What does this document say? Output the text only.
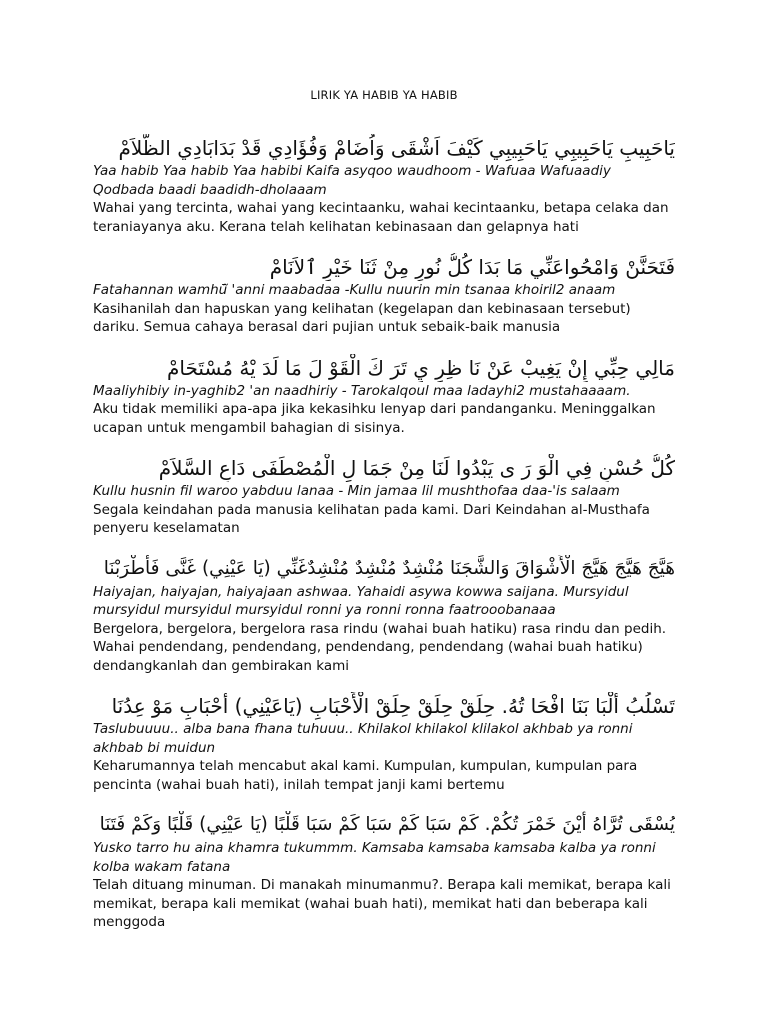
LIRIK YA HABIB YA HABIB

يَاحَبِيبِ يَاحَبِيبِي يَاحَبِيبِي كَيْفَ اَشْقَى وَاُضَامْ وَفُؤَادِي قَدْ بَدَابَادِي الظُّلاَمْ

Yaa habib Yaa habib Yaa habibi Kaifa asyqoo waudhoom - Wafuaa Wafuaadiy Qodbada baadi baadidh-dholaaam

Wahai yang tercinta, wahai yang kecintaanku, wahai kecintaanku, betapa celaka dan teraniayanya aku. Kerana telah kelihatan kebinasaan dan gelapnya hati

فَتَحَنَّنْ وَامْحُواعَنِّي مَا بَدَا كُلُّ نُورٍ مِنْ ثَنَا خَيْرِ ٱلاَنَامْ

Fatahannan wamhū̃ 'anni maabadaa -Kullu nuurin min tsanaa khoiril2 anaam

Kasihanilah dan hapuskan yang kelihatan (kegelapan dan kebinasaan tersebut) dariku. Semua cahaya berasal dari pujian untuk sebaik-baik manusia

مَالِي حِبِّي إِنْ يَغِيبْ عَنْ نَا ظِرِ يِ تَرَ كَ الْقَوْ لَ مَا لَدَ يْهُ مُسْتَحَامْ

Maaliyhibiy in-yaghib2 'an naadhiriy - Tarokalqoul maa ladayhi2 mustahaaaam.

Aku tidak memiliki apa-apa jika kekasihku lenyap dari pandanganku. Meninggalkan ucapan untuk mengambil bahagian di sisinya.

كُلُّ حُسْنٍ فِي الْوَ رَ ى يَبْدُوا لَنَا مِنْ جَمَا لِ الْمُصْطَفَى دَاعِ السَّلاَمْ

Kullu husnin fil waroo yabduu lanaa - Min jamaa lil mushthofaa daa-'is salaam

Segala keindahan pada manusia kelihatan pada kami. Dari Keindahan al-Musthafa penyeru keselamatan

هَيَّجَ هَيَّجَ هَيَّجَ الْأَشْوَاقَ وَالشَّجَنَا مُنْشِدٌ مُنْشِدٌ مُنْشِدٌغَنِّي (يَا عَيْنِي) غَنَّى فَأَطْرَبْنَا

Haiyajan, haiyajan, haiyajaan ashwaa. Yahaidi asywa kowwa saijana. Mursyidul mursyidul mursyidul mursyidul ronni ya ronni ronna faatrooobanaaa

Bergelora, bergelora, bergelora rasa rindu (wahai buah hatiku) rasa rindu dan pedih. Wahai pendendang, pendendang, pendendang, pendendang (wahai buah hatiku) dendangkanlah dan gembirakan kami

تَسْلُبُ أَلْبَا بَنَا افْحَا تُهُ. حِلَقْ حِلَقْ حِلَقْ الْأَحْبَابِ (يَاعَيْنِي) أَحْبَابِ مَوْ عِدُنَا

Taslubuuuu.. alba bana fhana tuhuuu.. Khilakol khilakol klilakol akhbab ya ronni akhbab bi muidun

Keharumannya telah mencabut akal kami. Kumpulan, kumpulan, kumpulan para pencinta (wahai buah hati), inilah tempat janji kami bertemu

يُسْقَى تُرَّاهُ أَيْنَ خَمْرَ تُكُمْ. كَمْ سَبَا كَمْ سَبَا كَمْ سَبَا قَلْبًا (يَا عَيْنِي) قَلْبًا وَكَمْ فَتَنَا

Yusko tarro hu aina khamra tukummm. Kamsaba kamsaba kamsaba kalba ya ronni kolba wakam fatana

Telah dituang minuman. Di manakah minumanmu?. Berapa kali memikat, berapa kali memikat, berapa kali memikat (wahai buah hati), memikat hati dan beberapa kali menggoda
